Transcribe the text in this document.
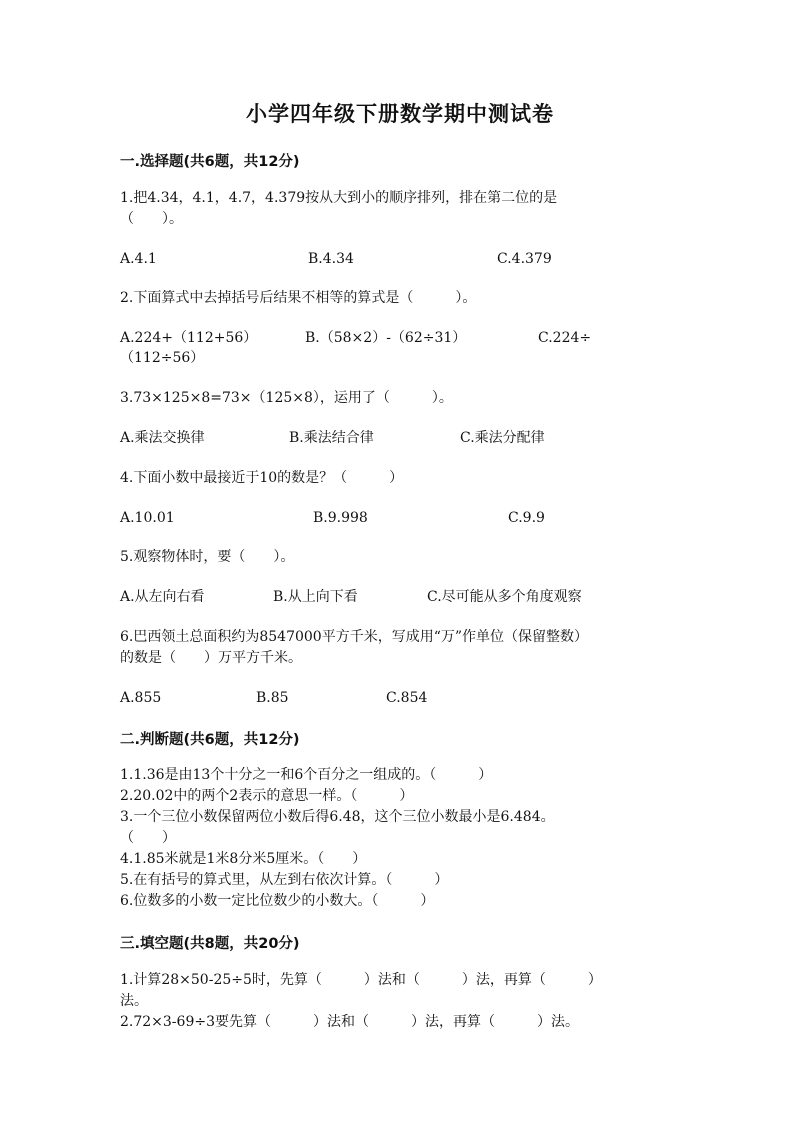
小学四年级下册数学期中测试卷
一.选择题(共6题，共12分)
1.把4.34，4.1，4.7，4.379按从大到小的顺序排列，排在第二位的是
（　　）。
A.4.1	B.4.34	C.4.379
2.下面算式中去掉括号后结果不相等的算式是（　　　）。
A.224+（112+56）	B.（58×2）-（62÷31）	C.224÷
（112÷56）
3.73×125×8=73×（125×8），运用了（　　　）。
A.乘法交换律	B.乘法结合律	C.乘法分配律
4.下面小数中最接近于10的数是？（　　　）
A.10.01	B.9.998	C.9.9
5.观察物体时，要（　　）。
A.从左向右看	B.从上向下看	C.尽可能从多个角度观察
6.巴西领土总面积约为8547000平方千米，写成用“万”作单位（保留整数）
的数是（　　）万平方千米。
A.855	B.85	C.854
二.判断题(共6题，共12分)
1.1.36是由13个十分之一和6个百分之一组成的。（　　　）
2.20.02中的两个2表示的意思一样。（　　　）
3.一个三位小数保留两位小数后得6.48，这个三位小数最小是6.484。
（　　）
4.1.85米就是1米8分米5厘米。（　　）
5.在有括号的算式里，从左到右依次计算。（　　　）
6.位数多的小数一定比位数少的小数大。（　　　）
三.填空题(共8题，共20分)
1.计算28×50-25÷5时，先算（　　　）法和（　　　）法，再算（　　　）
法。
2.72×3-69÷3要先算（　　　）法和（　　　）法，再算（　　　）法。
